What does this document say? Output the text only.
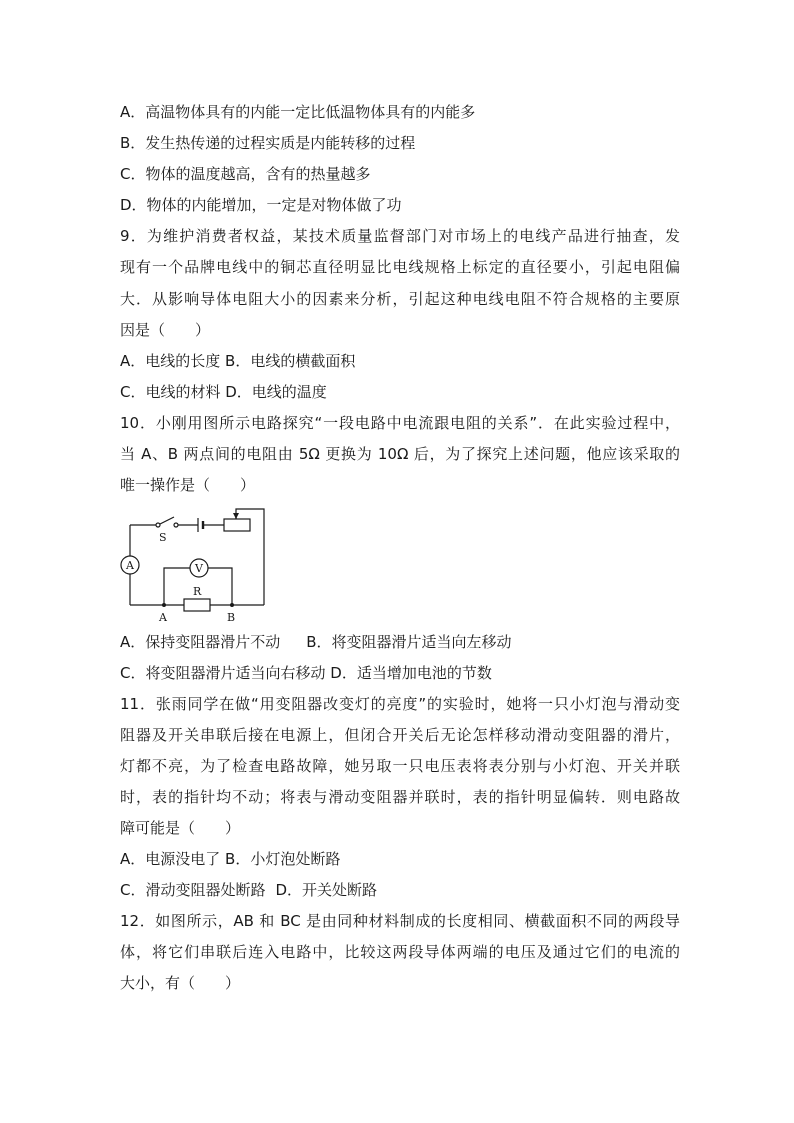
A．高温物体具有的内能一定比低温物体具有的内能多
B．发生热传递的过程实质是内能转移的过程
C．物体的温度越高，含有的热量越多
D．物体的内能增加，一定是对物体做了功
9．为维护消费者权益，某技术质量监督部门对市场上的电线产品进行抽查，发
现有一个品牌电线中的铜芯直径明显比电线规格上标定的直径要小，引起电阻偏
大．从影响导体电阻大小的因素来分析，引起这种电线电阻不符合规格的主要原
因是（　　）
A．电线的长度 B．电线的横截面积
C．电线的材料 D．电线的温度
10．小刚用图所示电路探究“一段电路中电流跟电阻的关系”．在此实验过程中，
当 A、B 两点间的电阻由 5Ω 更换为 10Ω 后，为了探究上述问题，他应该采取的
唯一操作是（　　）
S
A	V
R
A	B
A．保持变阻器滑片不动 B．将变阻器滑片适当向左移动
C．将变阻器滑片适当向右移动 D．适当增加电池的节数
11．张雨同学在做“用变阻器改变灯的亮度”的实验时，她将一只小灯泡与滑动变
阻器及开关串联后接在电源上，但闭合开关后无论怎样移动滑动变阻器的滑片，
灯都不亮，为了检查电路故障，她另取一只电压表将表分别与小灯泡、开关并联
时，表的指针均不动；将表与滑动变阻器并联时，表的指针明显偏转．则电路故
障可能是（　　）
A．电源没电了 B．小灯泡处断路
C．滑动变阻器处断路 D．开关处断路
12．如图所示，AB 和 BC 是由同种材料制成的长度相同、横截面积不同的两段导
体，将它们串联后连入电路中，比较这两段导体两端的电压及通过它们的电流的
大小，有（　　）
